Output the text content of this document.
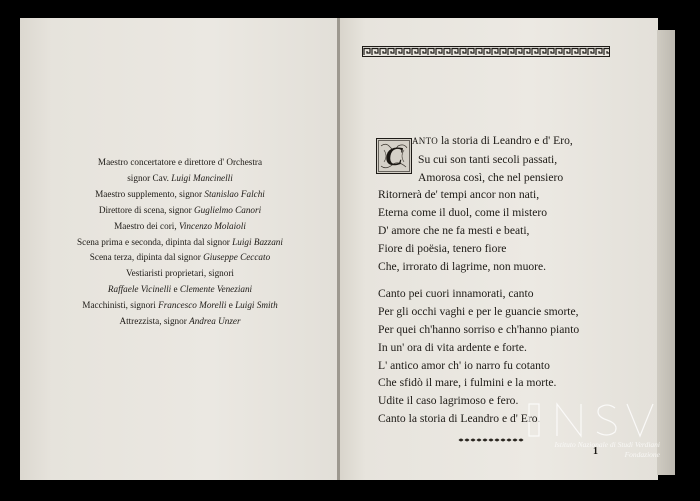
Maestro concertatore e direttore d' Orchestra
signor Cav. Luigi Mancinelli
Maestro supplemento, signor Stanislao Falchi
Direttore di scena, signor Guglielmo Canori
Maestro dei cori, Vincenzo Molaioli
Scena prima e seconda, dipinta dal signor Luigi Bazzani
Scena terza, dipinta dal signor Giuseppe Ceccato
Vestiaristi proprietari, signori
Raffaele Vicinelli e Clemente Veneziani
Macchinisti, signori Francesco Morelli e Luigi Smith
Attrezzista, signor Andrea Unzer
C
ANTO la storia di Leandro e d' Ero,
Su cui son tanti secoli passati,
Amorosa così, che nel pensiero
Ritornerà de' tempi ancor non nati,
Eterna come il duol, come il mistero
D' amore che ne fa mesti e beati,
Fiore di poësia, tenero fiore
Che, irrorato di lagrime, non muore.
Canto pei cuori innamorati, canto
Per gli occhi vaghi e per le guancie smorte,
Per quei ch'hanno sorriso e ch'hanno pianto
In un' ora di vita ardente e forte.
L' antico amor ch' io narro fu cotanto
Che sfidò il mare, i fulmini e la morte.
Udite il caso lagrimoso e fero.
Canto la storia di Leandro e d' Ero.
1
INSV
Istituto Nazionale di Studi Verdiani
Fondazione
